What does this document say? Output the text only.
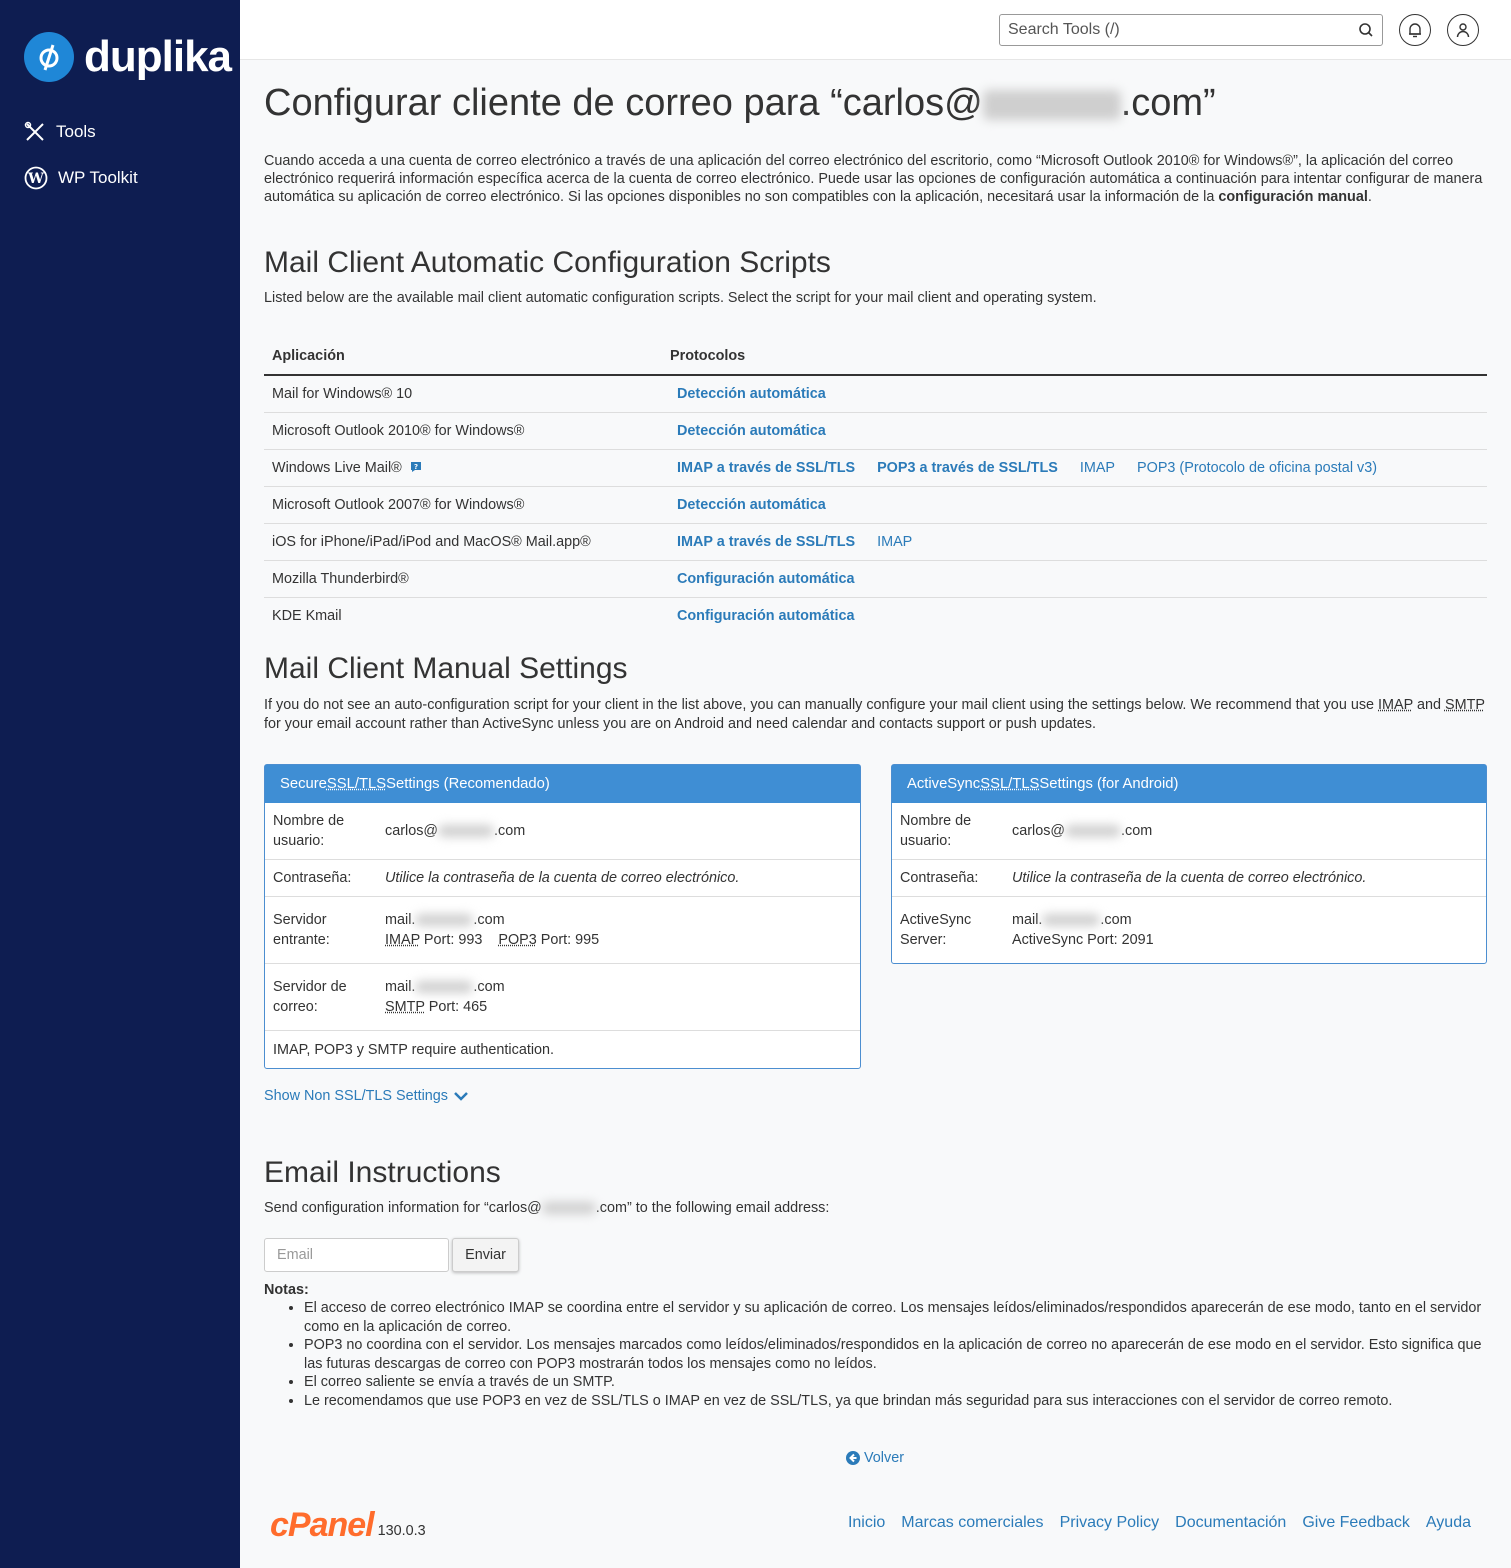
duplika
Tools
W WP Toolkit
Search Tools (/)
Configurar cliente de correo para “carlos@	.com”

Cuando acceda a una cuenta de correo electrónico a través de una aplicación del correo electrónico del escritorio, como “Microsoft Outlook 2010® for Windows®”, la aplicación del correo electrónico requerirá información específica acerca de la cuenta de correo electrónico. Puede usar las opciones de configuración automática a continuación para intentar configurar de manera automática su aplicación de correo electrónico. Si las opciones disponibles no son compatibles con la aplicación, necesitará usar la información de la configuración manual.

Mail Client Automatic Configuration Scripts

Listed below are the available mail client automatic configuration scripts. Select the script for your mail client and operating system.

Aplicación	Protocolos
Mail for Windows® 10	Detección automática
Microsoft Outlook 2010® for Windows®	Detección automática
Windows Live Mail® ?	IMAP a través de SSL/TLS POP3 a través de SSL/TLS IMAP POP3 (Protocolo de oficina postal v3)
Microsoft Outlook 2007® for Windows®	Detección automática
iOS for iPhone/iPad/iPod and MacOS® Mail.app®	IMAP a través de SSL/TLS IMAP
Mozilla Thunderbird®	Configuración automática
KDE Kmail	Configuración automática
Mail Client Manual Settings

If you do not see an auto-configuration script for your client in the list above, you can manually configure your mail client using the settings below. We recommend that you use IMAP and SMTP for your email account rather than ActiveSync unless you are on Android and need calendar and contacts support or push updates.

Secure SSL/TLS Settings (Recomendado)
Nombre de usuario:
carlos@	.com
Contraseña:	Utilice la contraseña de la cuenta de correo electrónico.
Servidor entrante:
mail.	.com
IMAP Port: 993 POP3 Port: 995
Servidor de correo:
mail.	.com
SMTP Port: 465
IMAP, POP3 y SMTP require authentication.
ActiveSync SSL/TLS Settings (for Android)
Nombre de usuario:
carlos@	.com
Contraseña:	Utilice la contraseña de la cuenta de correo electrónico.
ActiveSync Server:
mail.	.com
ActiveSync Port: 2091
Show Non SSL/TLS Settings
Email Instructions

Send configuration information for “carlos@	.com” to the following email address:

Email
Enviar
Notas:
• El acceso de correo electrónico IMAP se coordina entre el servidor y su aplicación de correo. Los mensajes leídos/eliminados/respondidos aparecerán de ese modo, tanto en el servidor como en la aplicación de correo.
• POP3 no coordina con el servidor. Los mensajes marcados como leídos/eliminados/respondidos en la aplicación de correo no aparecerán de ese modo en el servidor. Esto significa que las futuras descargas de correo con POP3 mostrarán todos los mensajes como no leídos.
• El correo saliente se envía a través de un SMTP.
• Le recomendamos que use POP3 en vez de SSL/TLS o IMAP en vez de SSL/TLS, ya que brindan más seguridad para sus interacciones con el servidor de correo remoto.
Volver
cPanel 130.0.3	Inicio Marcas comerciales Privacy Policy Documentación Give Feedback Ayuda
